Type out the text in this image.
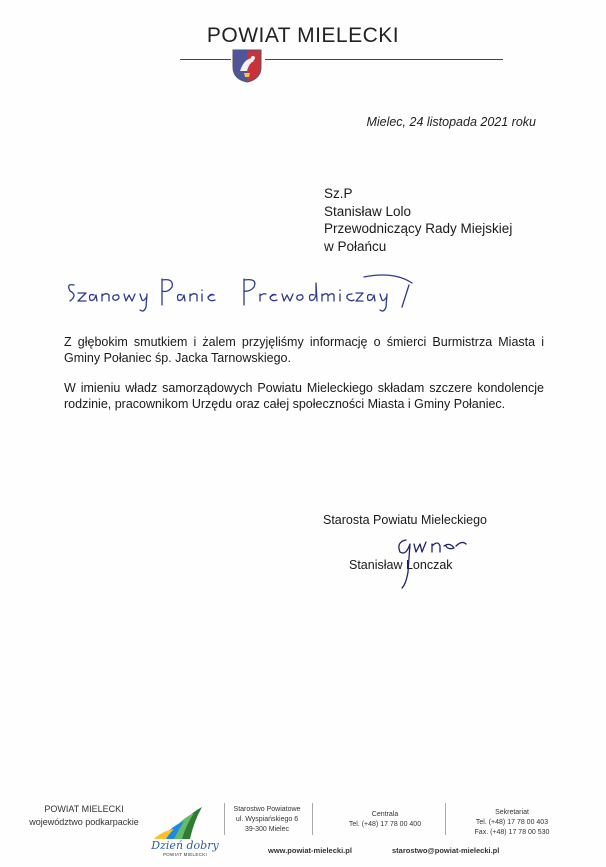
POWIAT MIELECKI
Mielec, 24 listopada 2021 roku
Sz.P
Stanisław Lolo
Przewodniczący Rady Miejskiej
w Połańcu
Z głębokim smutkiem i żalem przyjęliśmy informację o śmierci Burmistrza Miasta i Gminy Połaniec śp. Jacka Tarnowskiego.
W imieniu władz samorządowych Powiatu Mieleckiego składam szczere kondolencje rodzinie, pracownikom Urzędu oraz całej społeczności Miasta i Gminy Połaniec.
Starosta Powiatu Mieleckiego
Stanisław Lonczak
POWIAT MIELECKI
województwo podkarpackie
Dzień dobry
POWIAT MIELECKI
Starostwo Powiatowe
ul. Wyspiańskiego 6
39-300 Mielec
Centrala
Tel. (+48) 17 78 00 400
Sekretariat
Tel. (+48) 17 78 00 403
Fax. (+48) 17 78 00 530
www.powiat-mielecki.pl	starostwo@powiat-mielecki.pl
